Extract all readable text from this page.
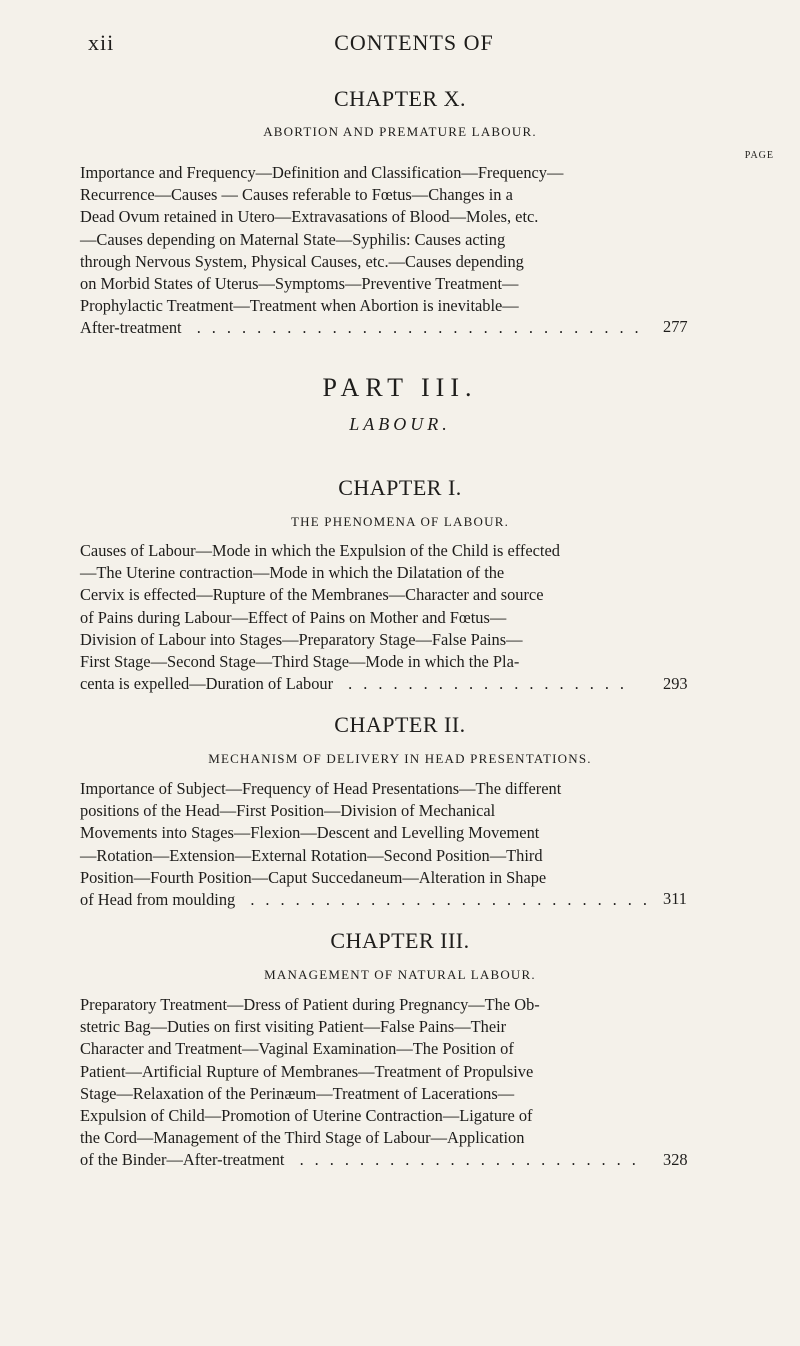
xii	CONTENTS OF
CHAPTER X.
ABORTION AND PREMATURE LABOUR.
PAGE
Importance and Frequency—Definition and Classification—Frequency—
Recurrence—Causes — Causes referable to Fœtus—Changes in a
Dead Ovum retained in Utero—Extravasations of Blood—Moles, etc.
—Causes depending on Maternal State—Syphilis: Causes acting
through Nervous System, Physical Causes, etc.—Causes depending
on Morbid States of Uterus—Symptoms—Preventive Treatment—
Prophylactic Treatment—Treatment when Abortion is inevitable—
After-treatment .............................. 277
PART III.
LABOUR.
CHAPTER I.
THE PHENOMENA OF LABOUR.
Causes of Labour—Mode in which the Expulsion of the Child is effected
—The Uterine contraction—Mode in which the Dilatation of the
Cervix is effected—Rupture of the Membranes—Character and source
of Pains during Labour—Effect of Pains on Mother and Fœtus—
Division of Labour into Stages—Preparatory Stage—False Pains—
First Stage—Second Stage—Third Stage—Mode in which the Pla-
centa is expelled—Duration of Labour ...................	293
CHAPTER II.
MECHANISM OF DELIVERY IN HEAD PRESENTATIONS.
Importance of Subject—Frequency of Head Presentations—The different
positions of the Head—First Position—Division of Mechanical
Movements into Stages—Flexion—Descent and Levelling Movement
—Rotation—Extension—External Rotation—Second Position—Third
Position—Fourth Position—Caput Succedaneum—Alteration in Shape
of Head from moulding ........................... 311
CHAPTER III.
MANAGEMENT OF NATURAL LABOUR.
Preparatory Treatment—Dress of Patient during Pregnancy—The Ob-
stetric Bag—Duties on first visiting Patient—False Pains—Their
Character and Treatment—Vaginal Examination—The Position of
Patient—Artificial Rupture of Membranes—Treatment of Propulsive
Stage—Relaxation of the Perinæum—Treatment of Lacerations—
Expulsion of Child—Promotion of Uterine Contraction—Ligature of
the Cord—Management of the Third Stage of Labour—Application
of the Binder—After-treatment ....................... 328
